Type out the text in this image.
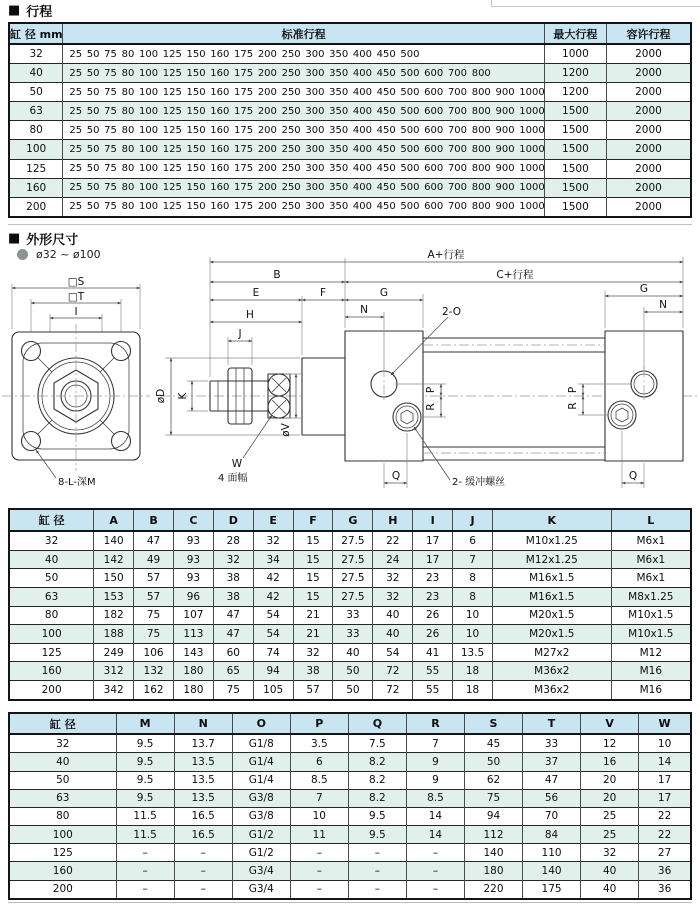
■ 行程
缸 径 mm	标准行程	最大行程	容许行程
32	25 50 75 80 100 125 150 160 175 200 250 300 350 400 450 500	1000	2000
40	25 50 75 80 100 125 150 160 175 200 250 300 350 400 450 500 600 700 800	1200	2000
50	25 50 75 80 100 125 150 160 175 200 250 300 350 400 450 500 600 700 800 900 1000	1200	2000
63	25 50 75 80 100 125 150 160 175 200 250 300 350 400 450 500 600 700 800 900 1000	1500	2000
80	25 50 75 80 100 125 150 160 175 200 250 300 350 400 450 500 600 700 800 900 1000	1500	2000
100	25 50 75 80 100 125 150 160 175 200 250 300 350 400 450 500 600 700 800 900 1000	1500	2000
125	25 50 75 80 100 125 150 160 175 200 250 300 350 400 450 500 600 700 800 900 1000	1500	2000
160	25 50 75 80 100 125 150 160 175 200 250 300 350 400 450 500 600 700 800 900 1000	1500	2000
200	25 50 75 80 100 125 150 160 175 200 250 300 350 400 450 500 600 700 800 900 1000	1500	2000
■ 外形尺寸
ø32 ~ ø100
□S
□T
I
8-L-深M
A+行程
B	C+行程
E	F	G	G
N	N
H
J
øD K
øV
P
R
P
R
Q	Q
2-O
2- 缓冲螺丝
W
4 面幅
缸 径	A	B	C	D	E	F	G	H	I	J	K	L
32	140	47	93	28	32	15	27.5	22	17	6	M10x1.25	M6x1
40	142	49	93	32	34	15	27.5	24	17	7	M12x1.25	M6x1
50	150	57	93	38	42	15	27.5	32	23	8	M16x1.5	M6x1
63	153	57	96	38	42	15	27.5	32	23	8	M16x1.5	M8x1.25
80	182	75	107	47	54	21	33	40	26	10	M20x1.5	M10x1.5
100	188	75	113	47	54	21	33	40	26	10	M20x1.5	M10x1.5
125	249	106	143	60	74	32	40	54	41	13.5	M27x2	M12
160	312	132	180	65	94	38	50	72	55	18	M36x2	M16
200	342	162	180	75	105	57	50	72	55	18	M36x2	M16
缸 径	M	N	O	P	Q	R	S	T	V	W
32	9.5	13.7	G1/8	3.5	7.5	7	45	33	12	10
40	9.5	13.5	G1/4	6	8.2	9	50	37	16	14
50	9.5	13.5	G1/4	8.5	8.2	9	62	47	20	17
63	9.5	13.5	G3/8	7	8.2	8.5	75	56	20	17
80	11.5	16.5	G3/8	10	9.5	14	94	70	25	22
100	11.5	16.5	G1/2	11	9.5	14	112	84	25	22
125	–	–	G1/2	–	–	–	140	110	32	27
160	–	–	G3/4	–	–	–	180	140	40	36
200	–	–	G3/4	–	–	–	220	175	40	36
